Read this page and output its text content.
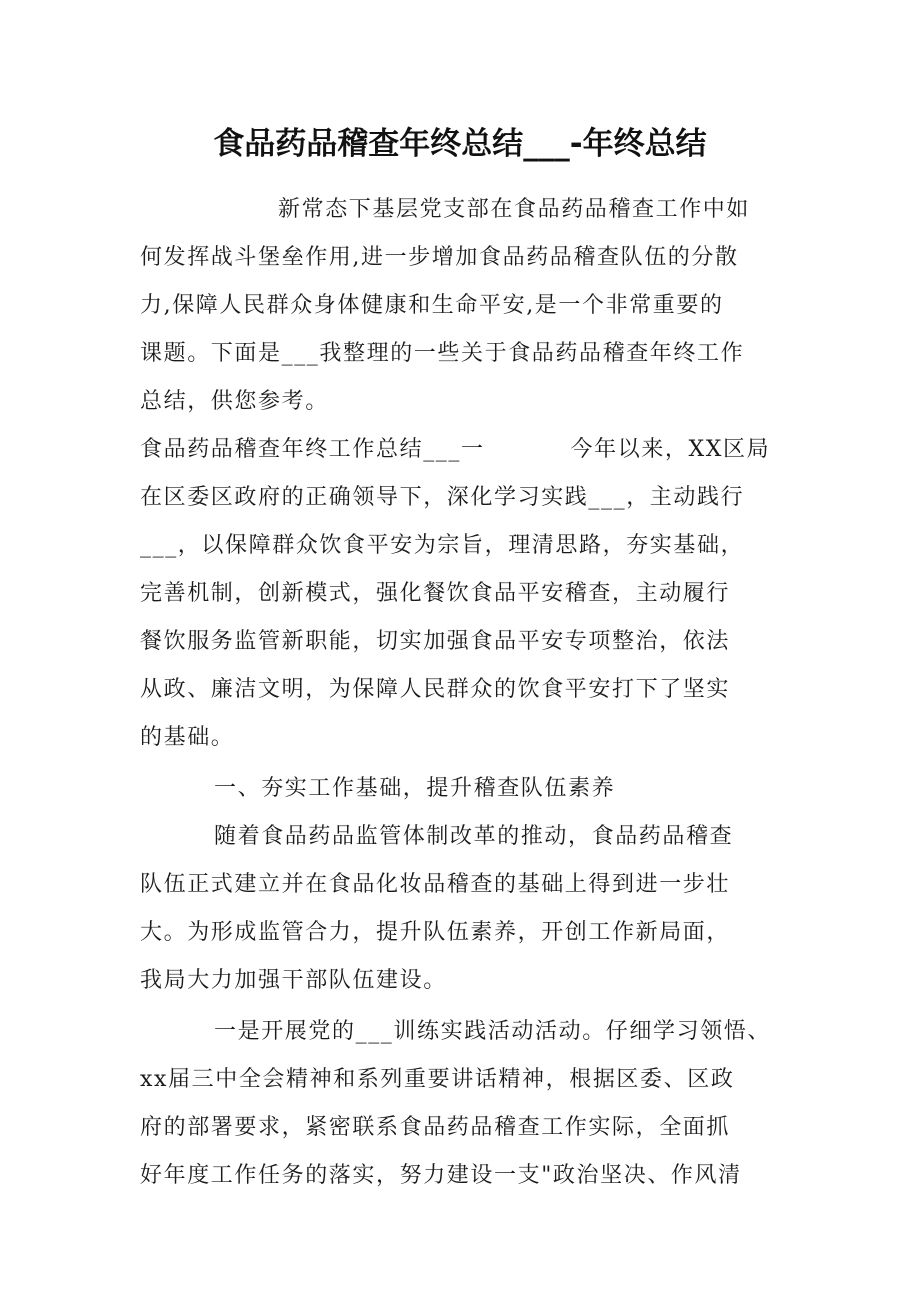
食品药品稽查年终总结___-年终总结
新常态下基层党支部在食品药品稽查工作中如
何发挥战斗堡垒作用,进一步增加食品药品稽查队伍的分散
力,保障人民群众身体健康和生命平安,是一个非常重要的
课题。下面是___我整理的一些关于食品药品稽查年终工作
总结，供您参考。
食品药品稽查年终工作总结___一          今年以来，XX区局
在区委区政府的正确领导下，深化学习实践___，主动践行
___，以保障群众饮食平安为宗旨，理清思路，夯实基础，
完善机制，创新模式，强化餐饮食品平安稽查，主动履行
餐饮服务监管新职能，切实加强食品平安专项整治，依法
从政、廉洁文明，为保障人民群众的饮食平安打下了坚实
的基础。
一、夯实工作基础，提升稽查队伍素养
随着食品药品监管体制改革的推动，食品药品稽查
队伍正式建立并在食品化妆品稽查的基础上得到进一步壮
大。为形成监管合力，提升队伍素养，开创工作新局面，
我局大力加强干部队伍建设。
一是开展党的___训练实践活动活动。仔细学习领悟、
xx届三中全会精神和系列重要讲话精神，根据区委、区政
府的部署要求，紧密联系食品药品稽查工作实际，全面抓
好年度工作任务的落实，努力建设一支"政治坚决、作风清
